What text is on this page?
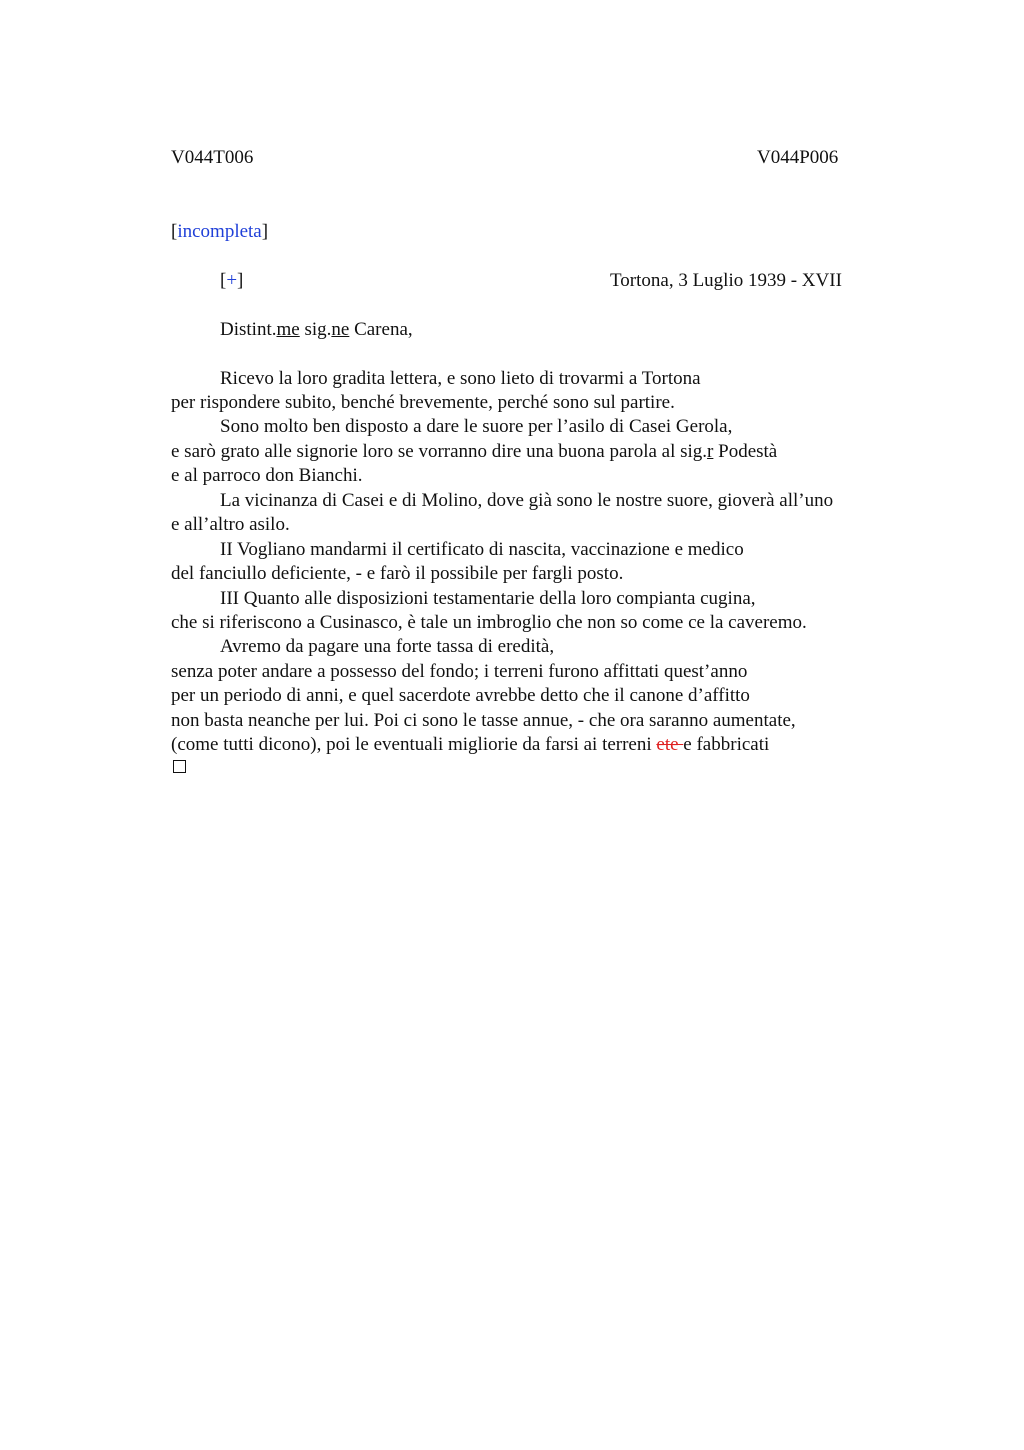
V044T006	V044P006
[incompleta]
[+]	Tortona, 3 Luglio 1939 - XVII
Distint.me sig.ne Carena,
Ricevo la loro gradita lettera, e sono lieto di trovarmi a Tortona
per rispondere subito, benché brevemente, perché sono sul partire.
Sono molto ben disposto a dare le suore per l’asilo di Casei Gerola,
e sarò grato alle signorie loro se vorranno dire una buona parola al sig.r Podestà
e al parroco don Bianchi.
La vicinanza di Casei e di Molino, dove già sono le nostre suore, gioverà all’uno
e all’altro asilo.
II Vogliano mandarmi il certificato di nascita, vaccinazione e medico
del fanciullo deficiente, - e farò il possibile per fargli posto.
III Quanto alle disposizioni testamentarie della loro compianta cugina,
che si riferiscono a Cusinasco, è tale un imbroglio che non so come ce la caveremo.
Avremo da pagare una forte tassa di eredità,
senza poter andare a possesso del fondo; i terreni furono affittati quest’anno
per un periodo di anni, e quel sacerdote avrebbe detto che il canone d’affitto
non basta neanche per lui. Poi ci sono le tasse annue, - che ora saranno aumentate,
(come tutti dicono), poi le eventuali migliorie da farsi ai terreni ete e fabbricati
